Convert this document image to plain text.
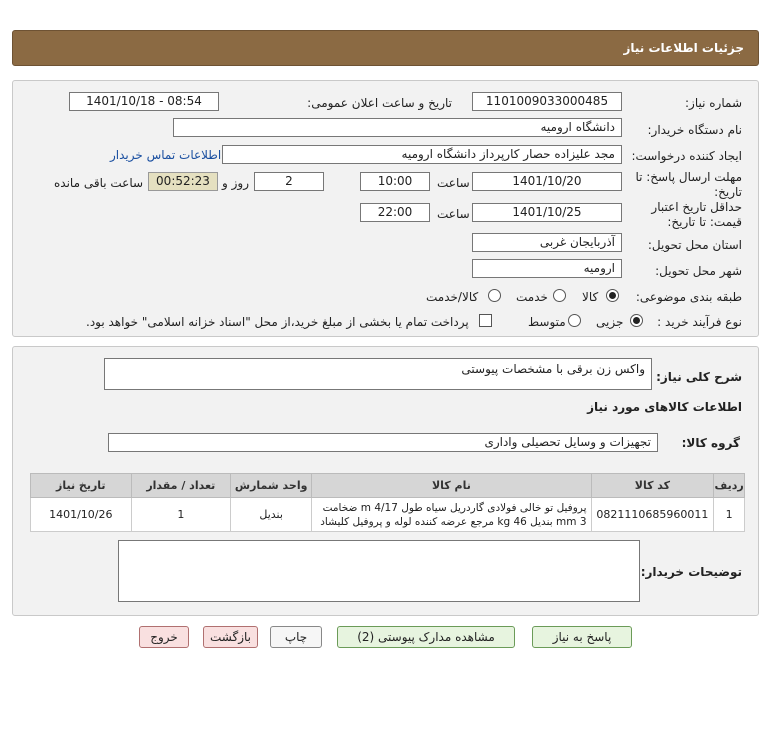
جزئیات اطلاعات نیاز
شماره نیاز:
1101009033000485
تاریخ و ساعت اعلان عمومی:
1401/10/18 - 08:54
نام دستگاه خریدار:
دانشگاه ارومیه
ایجاد کننده درخواست:
مجد علیزاده حصار کارپرداز دانشگاه ارومیه
اطلاعات تماس خریدار
مهلت ارسال پاسخ: تا
تاریخ:
1401/10/20
ساعت
10:00
2
روز و
00:52:23
ساعت باقی مانده
حداقل تاریخ اعتبار
قیمت: تا تاریخ:
1401/10/25
ساعت
22:00
استان محل تحویل:
آذربایجان غربی
شهر محل تحویل:
ارومیه
طبقه بندی موضوعی:
کالا
خدمت
کالا/خدمت
نوع فرآیند خرید :
جزیی
متوسط
پرداخت تمام یا بخشی از مبلغ خرید،از محل "اسناد خزانه اسلامی" خواهد بود.
شرح کلی نیاز:
واکس زن برقی با مشخصات پیوستی
اطلاعات کالاهای مورد نیاز
گروه کالا:
تجهیزات و وسایل تحصیلی واداری
ردیف	کد کالا	نام کالا	واحد شمارش	تعداد / مقدار	تاریخ نیاز
1	0821110685960011	پروفیل تو خالی فولادی گاردریل سیاه طول 4/17 m ضخامت 3 mm بندیل 46 kg مرجع عرضه کننده لوله و پروفیل کلیشاد	بندیل	1	1401/10/26
توضیحات خریدار:
پاسخ به نیاز
مشاهده مدارک پیوستی (2)
چاپ
بازگشت
خروج
